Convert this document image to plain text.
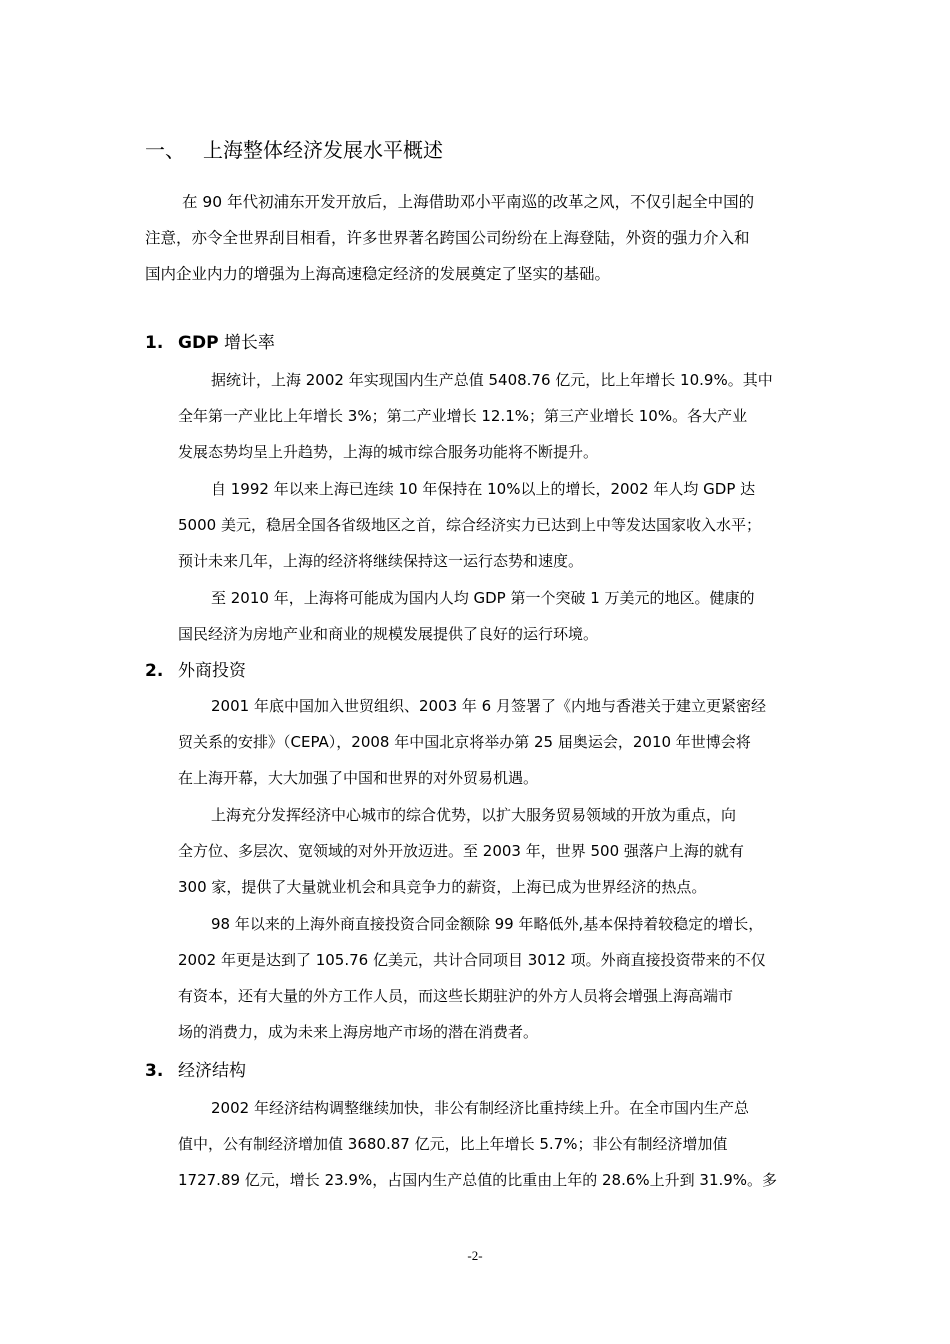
一、 上海整体经济发展水平概述

在 90 年代初浦东开发开放后，上海借助邓小平南巡的改革之风，不仅引起全中国的
注意，亦令全世界刮目相看，许多世界著名跨国公司纷纷在上海登陆，外资的强力介入和
国内企业内力的增强为上海高速稳定经济的发展奠定了坚实的基础。

1. GDP 增长率

据统计，上海 2002 年实现国内生产总值 5408.76 亿元，比上年增长 10.9%。其中
全年第一产业比上年增长 3%；第二产业增长 12.1%；第三产业增长 10%。各大产业
发展态势均呈上升趋势，上海的城市综合服务功能将不断提升。

自 1992 年以来上海已连续 10 年保持在 10%以上的增长，2002 年人均 GDP 达
5000 美元，稳居全国各省级地区之首，综合经济实力已达到上中等发达国家收入水平；
预计未来几年，上海的经济将继续保持这一运行态势和速度。

至 2010 年，上海将可能成为国内人均 GDP 第一个突破 1 万美元的地区。健康的
国民经济为房地产业和商业的规模发展提供了良好的运行环境。

2. 外商投资

2001 年底中国加入世贸组织、2003 年 6 月签署了《内地与香港关于建立更紧密经
贸关系的安排》（CEPA），2008 年中国北京将举办第 25 届奥运会，2010 年世博会将
在上海开幕，大大加强了中国和世界的对外贸易机遇。

上海充分发挥经济中心城市的综合优势，以扩大服务贸易领域的开放为重点，向
全方位、多层次、宽领域的对外开放迈进。至 2003 年，世界 500 强落户上海的就有
300 家，提供了大量就业机会和具竞争力的薪资，上海已成为世界经济的热点。

98 年以来的上海外商直接投资合同金额除 99 年略低外,基本保持着较稳定的增长，
2002 年更是达到了 105.76 亿美元，共计合同项目 3012 项。外商直接投资带来的不仅
有资本，还有大量的外方工作人员，而这些长期驻沪的外方人员将会增强上海高端市
场的消费力，成为未来上海房地产市场的潜在消费者。

3. 经济结构

2002 年经济结构调整继续加快，非公有制经济比重持续上升。在全市国内生产总
值中，公有制经济增加值 3680.87 亿元，比上年增长 5.7%；非公有制经济增加值
1727.89 亿元，增长 23.9%，占国内生产总值的比重由上年的 28.6%上升到 31.9%。多

-2-
